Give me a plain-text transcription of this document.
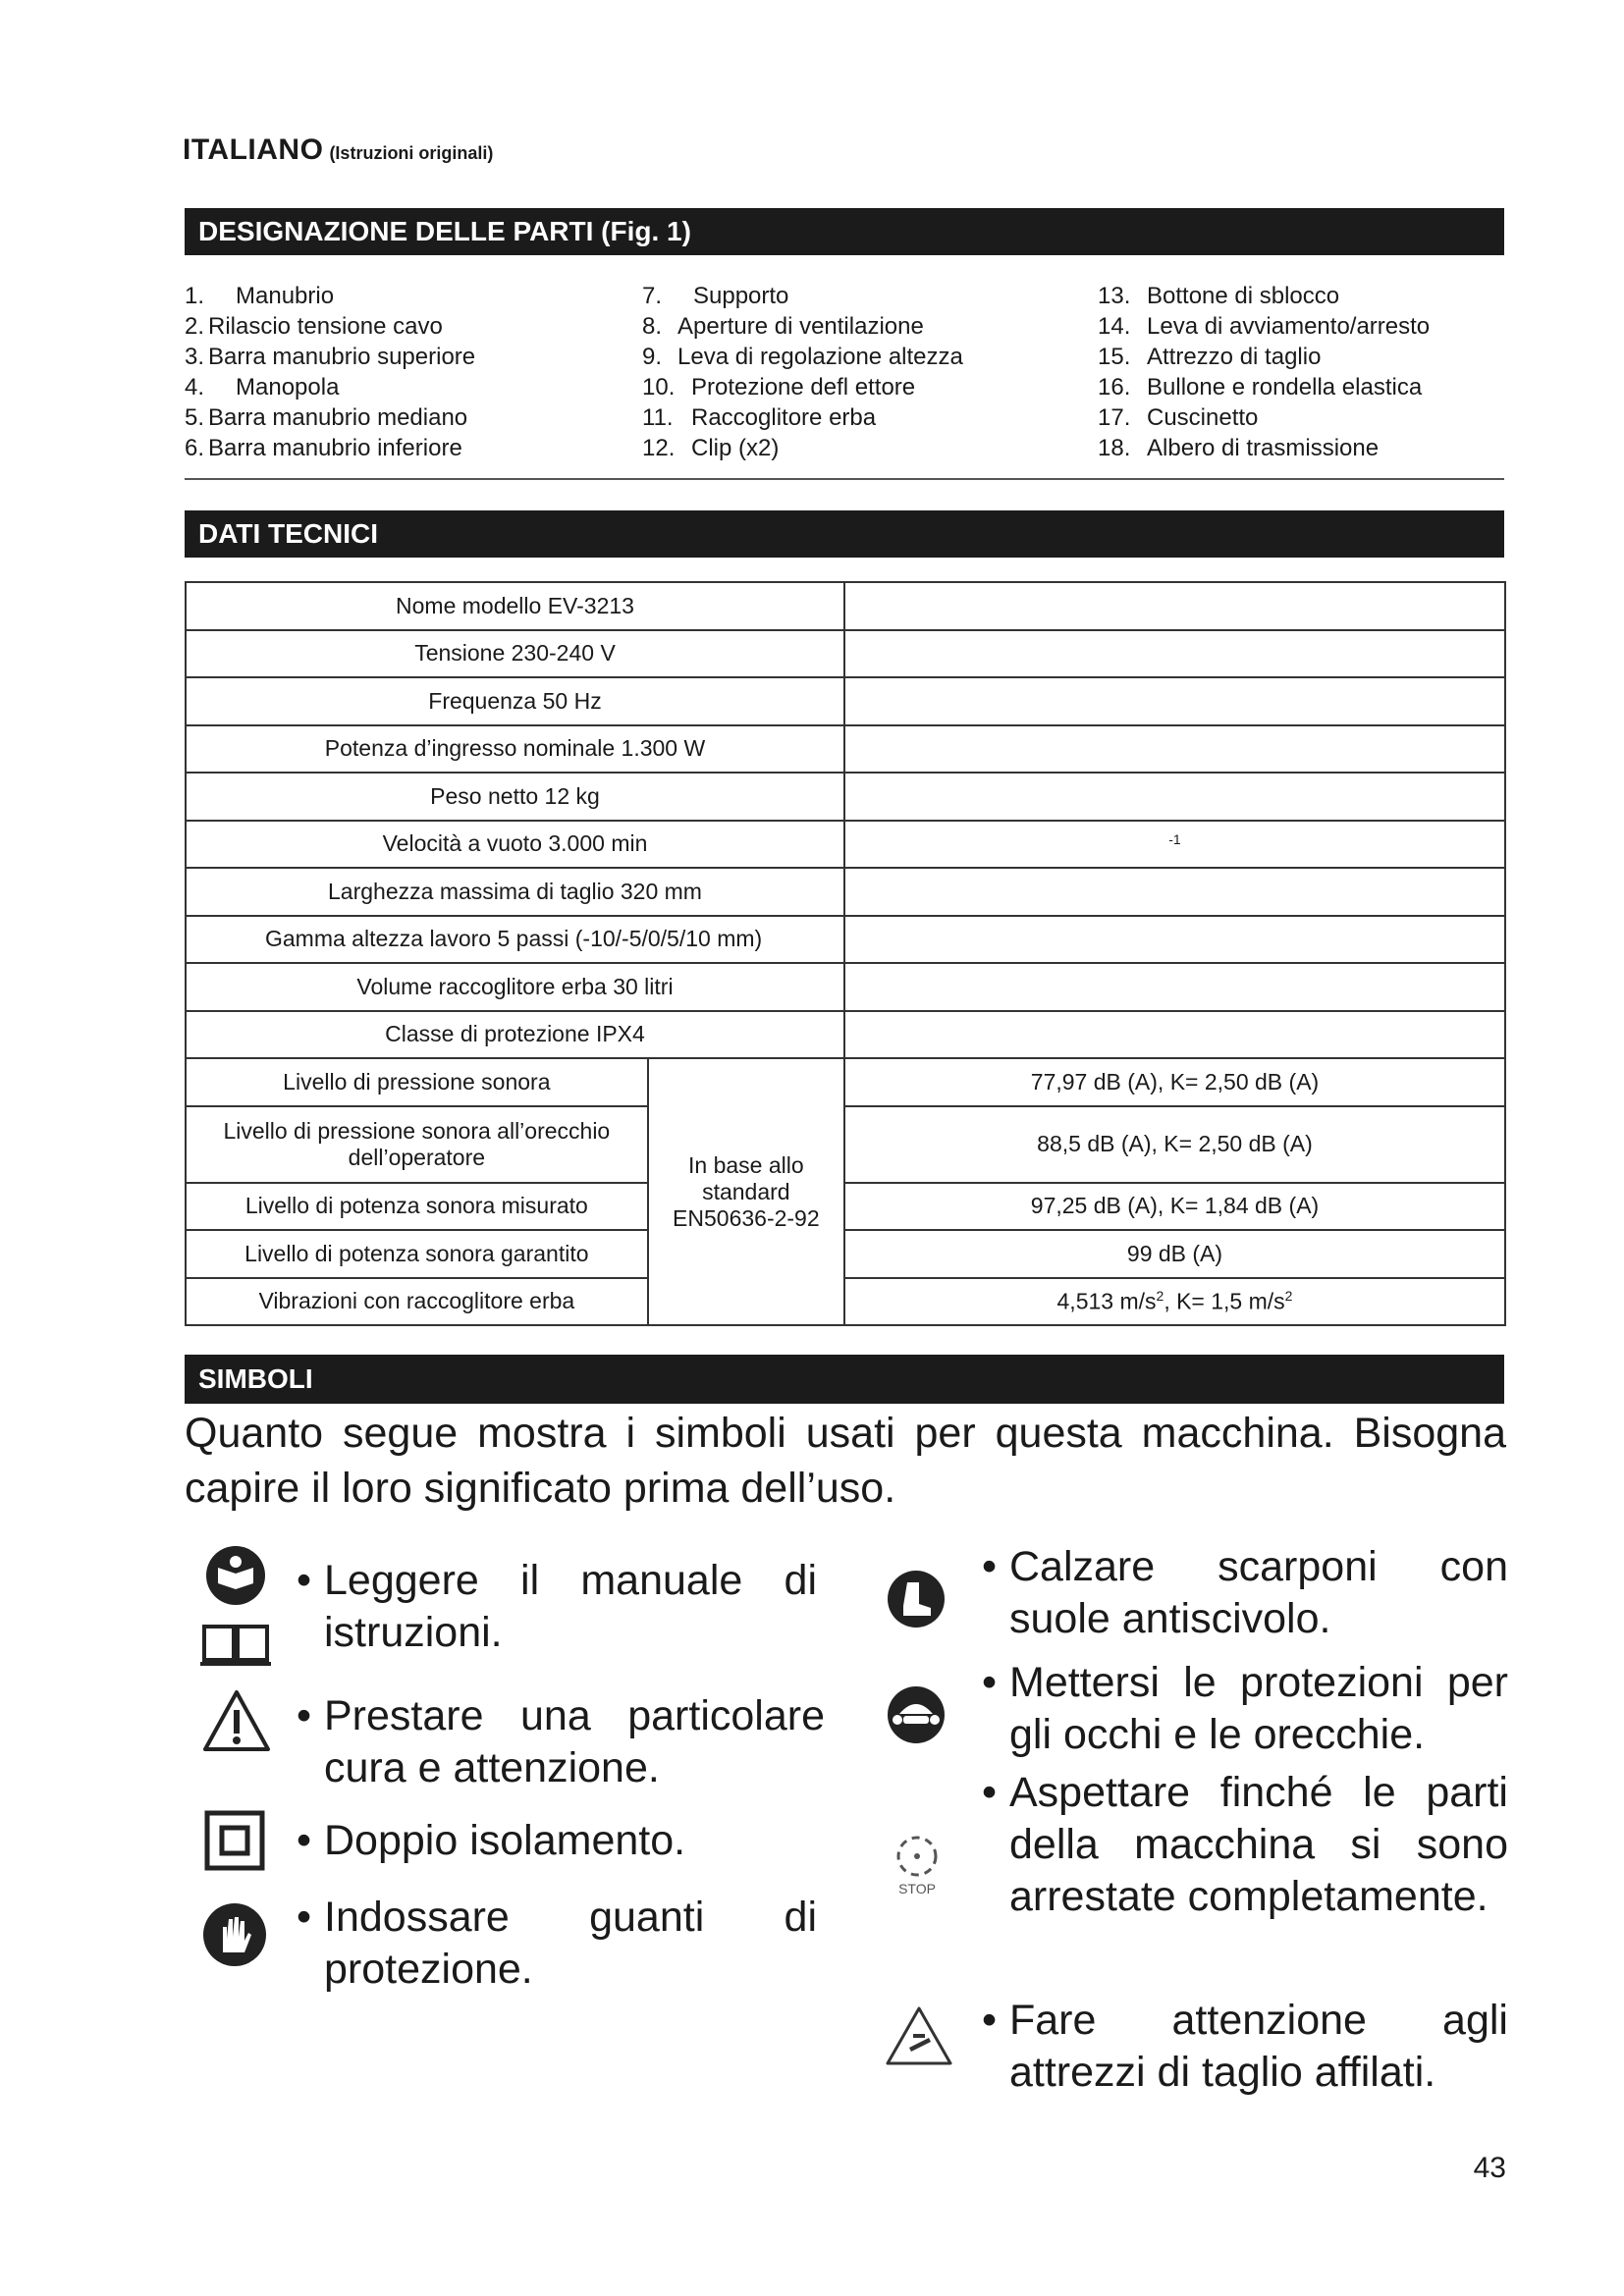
ITALIANO (Istruzioni originali)
DESIGNAZIONE DELLE PARTI (Fig. 1)
1. Manubrio
2. Rilascio tensione cavo
3. Barra manubrio superiore
4. Manopola
5. Barra manubrio mediano
6. Barra manubrio inferiore
7. Supporto
8. Aperture di ventilazione
9. Leva di regolazione altezza
10. Protezione defl ettore
11. Raccoglitore erba
12. Clip (x2)
13. Bottone di sblocco
14. Leva di avviamento/arresto
15. Attrezzo di taglio
16. Bullone e rondella elastica
17. Cuscinetto
18. Albero di trasmissione
DATI TECNICI
Nome modello EV-3213		
Tensione 230-240 V		
Frequenza 50 Hz		
Potenza d’ingresso nominale 1.300 W		
Peso netto 12 kg		
Velocità a vuoto 3.000 min		-1
Larghezza massima di taglio 320 mm		
Gamma altezza lavoro 5 passi (-10/-5/0/5/10 mm)		
Volume raccoglitore erba 30 litri		
Classe di protezione IPX4		
Livello di pressione sonora	In base allo standard EN50636-2-92	77,97 dB (A), K= 2,50 dB (A)
Livello di pressione sonora all’orecchio dell’operatore		88,5 dB (A), K= 2,50 dB (A)
Livello di potenza sonora misurato		97,25 dB (A), K= 1,84 dB (A)
Livello di potenza sonora garantito		99 dB (A)
Vibrazioni con raccoglitore erba		4,513 $m/s^2$, K= 1,5 $m/s^2$
SIMBOLI
Quanto segue mostra i simboli usati per questa macchina. Bisogna capire il loro significato prima dell’uso.
• Leggere il manuale di istruzioni.
• Prestare una particolare cura e attenzione.
• Doppio isolamento.
• Indossare guanti di protezione.
• Calzare scarponi con suole antiscivolo.
• Mettersi le protezioni per gli occhi e le orecchie.
STOP
• Aspettare finché le parti della macchina si sono arrestate completamente.
• Fare attenzione agli attrezzi di taglio affilati.
43
